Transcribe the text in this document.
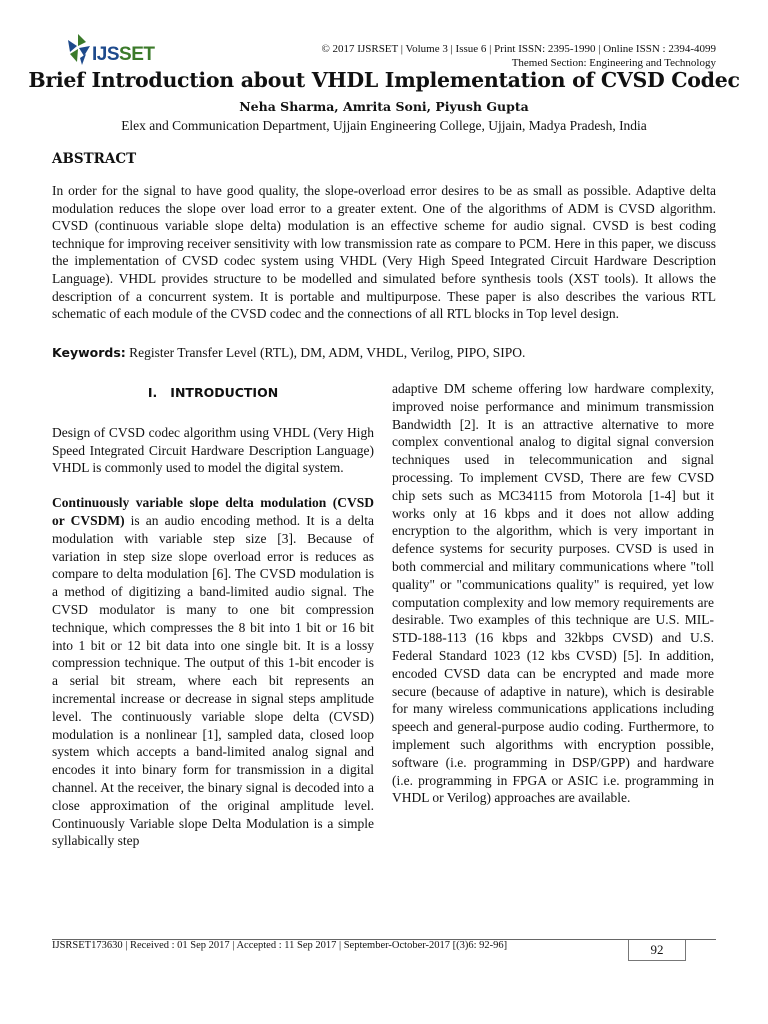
IJSSET	© 2017 IJSRSET | Volume 3 | Issue 6 | Print ISSN: 2395-1990 | Online ISSN : 2394-4099
Themed Section: Engineering and Technology
Brief Introduction about VHDL Implementation of CVSD Codec
Neha Sharma, Amrita Soni, Piyush Gupta
Elex and Communication Department, Ujjain Engineering College, Ujjain, Madya Pradesh, India
ABSTRACT

In order for the signal to have good quality, the slope-overload error desires to be as small as possible. Adaptive delta modulation reduces the slope over load error to a greater extent. One of the algorithms of ADM is CVSD algorithm. CVSD (continuous variable slope delta) modulation is an effective scheme for audio signal. CVSD is best coding technique for improving receiver sensitivity with low transmission rate as compare to PCM. Here in this paper, we discuss the implementation of CVSD codec system using VHDL (Very High Speed Integrated Circuit Hardware Description Language). VHDL provides structure to be modelled and simulated before synthesis tools (XST tools). It allows the description of a concurrent system. It is portable and multipurpose. These paper is also describes the various RTL schematic of each module of the CVSD codec and the connections of all RTL blocks in Top level design.

Keywords: Register Transfer Level (RTL), DM, ADM, VHDL, Verilog, PIPO, SIPO.

I.   INTRODUCTION

Design of CVSD codec algorithm using VHDL (Very High Speed Integrated Circuit Hardware Description Language) VHDL is commonly used to model the digital system.

Continuously variable slope delta modulation (CVSD or CVSDM) is an audio encoding method. It is a delta modulation with variable step size [3]. Because of variation in step size slope overload error is reduces as compare to delta modulation [6]. The CVSD modulation is a method of digitizing a band-limited audio signal. The CVSD modulator is many to one bit compression technique, which compresses the 8 bit into 1 bit or 16 bit into 1 bit or 12 bit data into one single bit. It is a lossy compression technique. The output of this 1-bit encoder is a serial bit stream, where each bit represents an incremental increase or decrease in signal steps amplitude level. The continuously variable slope delta (CVSD) modulation is a nonlinear [1], sampled data, closed loop system which accepts a band-limited analog signal and encodes it into binary form for transmission in a digital channel. At the receiver, the binary signal is decoded into a close approximation of the original amplitude level. Continuously Variable slope Delta Modulation is a simple syllabically step

adaptive DM scheme offering low hardware complexity, improved noise performance and minimum transmission Bandwidth [2]. It is an attractive alternative to more complex conventional analog to digital signal conversion techniques used in telecommunication and signal processing. To implement CVSD, There are few CVSD chip sets such as MC34115 from Motorola [1-4] but it works only at 16 kbps and it does not allow adding encryption to the algorithm, which is very important in defence systems for security purposes. CVSD is used in both commercial and military communications where "toll quality" or "communications quality" is required, yet low computation complexity and low memory requirements are desirable. Two examples of this technique are U.S. MIL-STD-188-113 (16 kbps and 32kbps CVSD) and U.S. Federal Standard 1023 (12 kbs CVSD) [5]. In addition, encoded CVSD data can be encrypted and made more secure (because of adaptive in nature), which is desirable for many wireless communications applications including speech and general-purpose audio coding. Furthermore, to implement such algorithms with encryption possible, software (i.e. programming in DSP/GPP) and hardware (i.e. programming in FPGA or ASIC i.e. programming in VHDL or Verilog) approaches are available.

IJSRSET173630 | Received : 01 Sep 2017 | Accepted : 11 Sep 2017 | September-October-2017 [(3)6: 92-96]	92
